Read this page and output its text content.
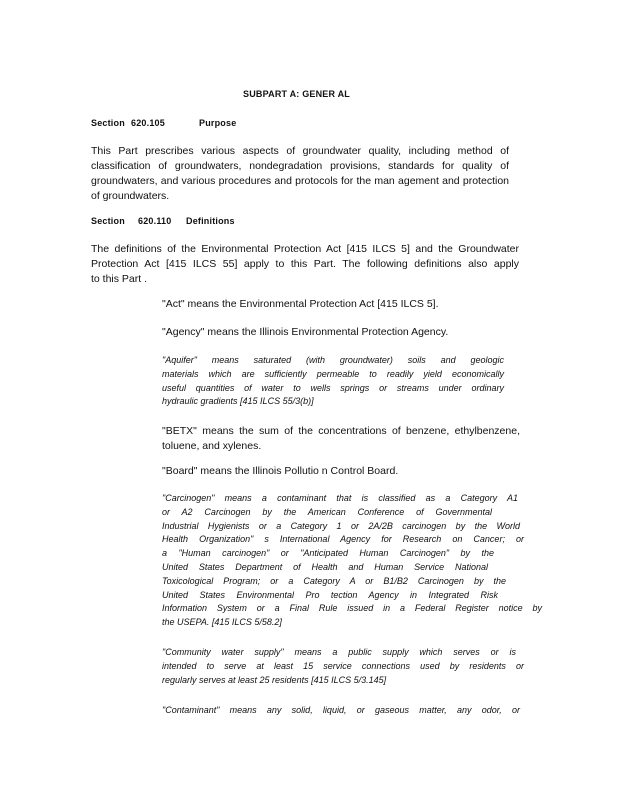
SUBPART A: GENER AL
Section 620.105	Purpose

This Part prescribes various aspects of groundwater quality, including method of

classification of groundwaters, nondegradation provisions, standards for quality of

groundwaters, and various procedures and protocols for the man agement and protection

of groundwaters.

Section 620.110 Definitions

The definitions of the Environmental Protection Act [415 ILCS 5] and the Groundwater

Protection Act [415 ILCS 55] apply to this Part. The following definitions also apply

to this Part .

"Act" means the Environmental Protection Act [415 ILCS 5].

"Agency" means the Illinois Environmental Protection Agency.

"Aquifer" means saturated (with groundwater) soils and geologic

materials which are sufficiently permeable to readily yield economically

useful quantities of water to wells springs or streams under ordinary

hydraulic gradients [415 ILCS 55/3(b)]

"BETX" means the sum of the concentrations of benzene, ethylbenzene,

toluene, and xylenes.

"Board" means the Illinois Pollutio n Control Board.

"Carcinogen" means a contaminant that is classified as a Category A1

or A2 Carcinogen by the American Conference of Governmental

Industrial Hygienists or a Category 1 or 2A/2B carcinogen by the World

Health Organization" s International Agency for Research on Cancer; or

a "Human carcinogen" or "Anticipated Human Carcinogen" by the

United States Department of Health and Human Service National

Toxicological Program; or a Category A or B1/B2 Carcinogen by the

United States Environmental Pro tection Agency in Integrated Risk

Information System or a Final Rule issued in a Federal Register notice by

the USEPA. [415 ILCS 5/58.2]

"Community water supply" means a public supply which serves or is

intended to serve at least 15 service connections used by residents or

regularly serves at least 25 residents [415 ILCS 5/3.145]

"Contaminant" means any solid, liquid, or gaseous matter, any odor, or
